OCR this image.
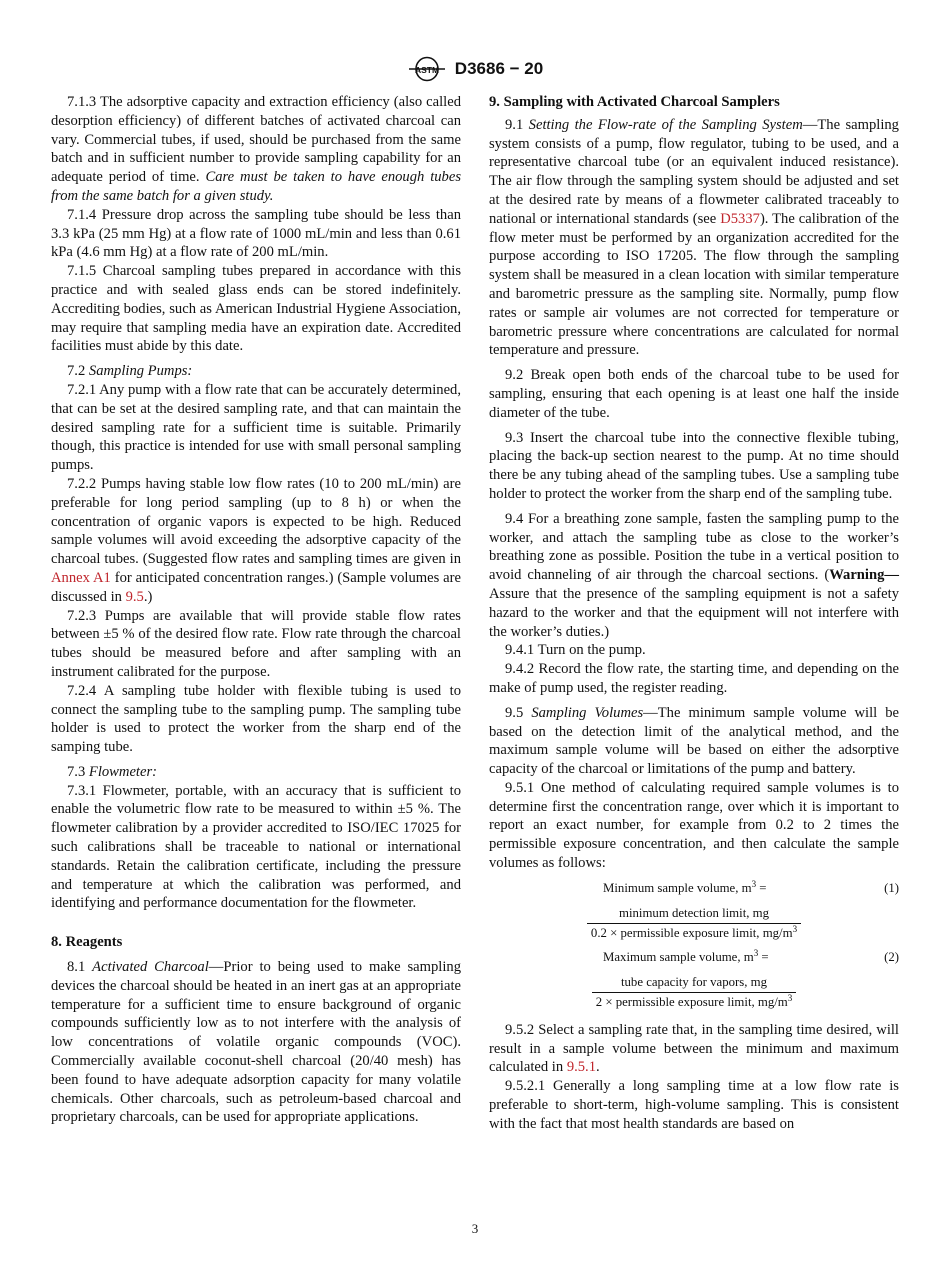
ASTM D3686 − 20

7.1.3 The adsorptive capacity and extraction efficiency (also called desorption efficiency) of different batches of activated charcoal can vary. Commercial tubes, if used, should be purchased from the same batch and in sufficient number to provide sampling capability for an adequate period of time. Care must be taken to have enough tubes from the same batch for a given study.

7.1.4 Pressure drop across the sampling tube should be less than 3.3 kPa (25 mm Hg) at a flow rate of 1000 mL/min and less than 0.61 kPa (4.6 mm Hg) at a flow rate of 200 mL/min.

7.1.5 Charcoal sampling tubes prepared in accordance with this practice and with sealed glass ends can be stored indefinitely. Accrediting bodies, such as American Industrial Hygiene Association, may require that sampling media have an expiration date. Accredited facilities must abide by this date.

7.2 Sampling Pumps:

7.2.1 Any pump with a flow rate that can be accurately determined, that can be set at the desired sampling rate, and that can maintain the desired sampling rate for a sufficient time is suitable. Primarily though, this practice is intended for use with small personal sampling pumps.

7.2.2 Pumps having stable low flow rates (10 to 200 mL/min) are preferable for long period sampling (up to 8 h) or when the concentration of organic vapors is expected to be high. Reduced sample volumes will avoid exceeding the adsorptive capacity of the charcoal tubes. (Suggested flow rates and sampling times are given in Annex A1 for anticipated concentration ranges.) (Sample volumes are discussed in 9.5.)

7.2.3 Pumps are available that will provide stable flow rates between ±5 % of the desired flow rate. Flow rate through the charcoal tubes should be measured before and after sampling with an instrument calibrated for the purpose.

7.2.4 A sampling tube holder with flexible tubing is used to connect the sampling tube to the sampling pump. The sampling tube holder is used to protect the worker from the sharp end of the samping tube.

7.3 Flowmeter:

7.3.1 Flowmeter, portable, with an accuracy that is sufficient to enable the volumetric flow rate to be measured to within ±5 %. The flowmeter calibration by a provider accredited to ISO/IEC 17025 for such calibrations shall be traceable to national or international standards. Retain the calibration certificate, including the pressure and temperature at which the calibration was performed, and identifying and performance documentation for the flowmeter.

8. Reagents

8.1 Activated Charcoal—Prior to being used to make sampling devices the charcoal should be heated in an inert gas at an appropriate temperature for a sufficient time to ensure background of organic compounds sufficiently low as to not interfere with the analysis of low concentrations of volatile organic compounds (VOC). Commercially available coconut-shell charcoal (20/40 mesh) has been found to have adequate adsorption capacity for many volatile chemicals. Other charcoals, such as petroleum-based charcoal and proprietary charcoals, can be used for appropriate applications.

9. Sampling with Activated Charcoal Samplers

9.1 Setting the Flow-rate of the Sampling System—The sampling system consists of a pump, flow regulator, tubing to be used, and a representative charcoal tube (or an equivalent induced resistance). The air flow through the sampling system should be adjusted and set at the desired rate by means of a flowmeter calibrated traceably to national or international standards (see D5337). The calibration of the flow meter must be performed by an organization accredited for the purpose according to ISO 17205. The flow through the sampling system shall be measured in a clean location with similar temperature and barometric pressure as the sampling site. Normally, pump flow rates or sample air volumes are not corrected for temperature or barometric pressure where concentrations are calculated for normal temperature and pressure.

9.2 Break open both ends of the charcoal tube to be used for sampling, ensuring that each opening is at least one half the inside diameter of the tube.

9.3 Insert the charcoal tube into the connective flexible tubing, placing the back-up section nearest to the pump. At no time should there be any tubing ahead of the sampling tubes. Use a sampling tube holder to protect the worker from the sharp end of the sampling tube.

9.4 For a breathing zone sample, fasten the sampling pump to the worker, and attach the sampling tube as close to the worker’s breathing zone as possible. Position the tube in a vertical position to avoid channeling of air through the charcoal sections. (Warning—Assure that the presence of the sampling equipment is not a safety hazard to the worker and that the equipment will not interfere with the worker’s duties.)

9.4.1 Turn on the pump.

9.4.2 Record the flow rate, the starting time, and depending on the make of pump used, the register reading.

9.5 Sampling Volumes—The minimum sample volume will be based on the detection limit of the analytical method, and the maximum sample volume will be based on either the adsorptive capacity of the charcoal or limitations of the pump and battery.

9.5.1 One method of calculating required sample volumes is to determine first the concentration range, over which it is important to report an exact number, for example from 0.2 to 2 times the permissible exposure concentration, and then calculate the sample volumes as follows:

Minimum sample volume, $m^3$ =	(1)
minimum detection limit, mg
0.2 × permissible exposure limit, $mg/m^3$
Maximum sample volume, $m^3$ =	(2)
tube capacity for vapors, mg
2 × permissible exposure limit, $mg/m^3$

9.5.2 Select a sampling rate that, in the sampling time desired, will result in a sample volume between the minimum and maximum calculated in 9.5.1.

9.5.2.1 Generally a long sampling time at a low flow rate is preferable to short-term, high-volume sampling. This is consistent with the fact that most health standards are based on

3
